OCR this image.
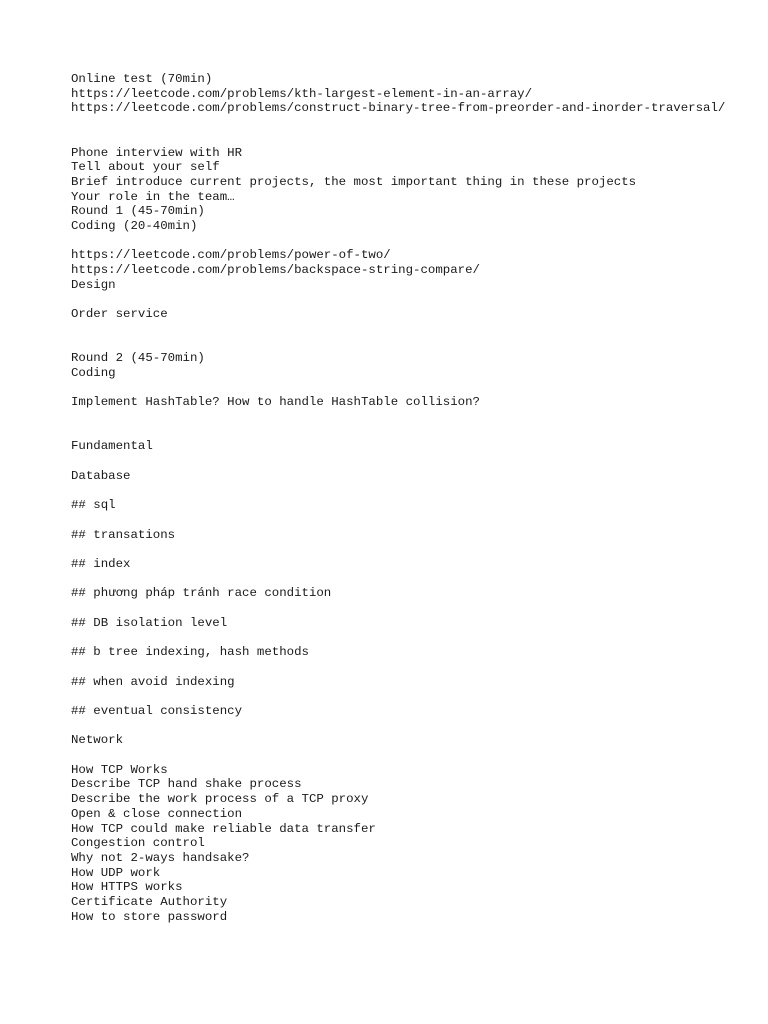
Online test (70min)
https://leetcode.com/problems/kth-largest-element-in-an-array/
https://leetcode.com/problems/construct-binary-tree-from-preorder-and-inorder-traversal/
Phone interview with HR
Tell about your self
Brief introduce current projects, the most important thing in these projects
Your role in the team…
Round 1 (45-70min)
Coding (20-40min)
https://leetcode.com/problems/power-of-two/
https://leetcode.com/problems/backspace-string-compare/
Design
Order service
Round 2 (45-70min)
Coding
Implement HashTable? How to handle HashTable collision?
Fundamental
Database
## sql
## transations
## index
## phương pháp tránh race condition
## DB isolation level
## b tree indexing, hash methods
## when avoid indexing
## eventual consistency
Network
How TCP Works
Describe TCP hand shake process
Describe the work process of a TCP proxy
Open & close connection
How TCP could make reliable data transfer
Congestion control
Why not 2-ways handsake?
How UDP work
How HTTPS works
Certificate Authority
How to store password
